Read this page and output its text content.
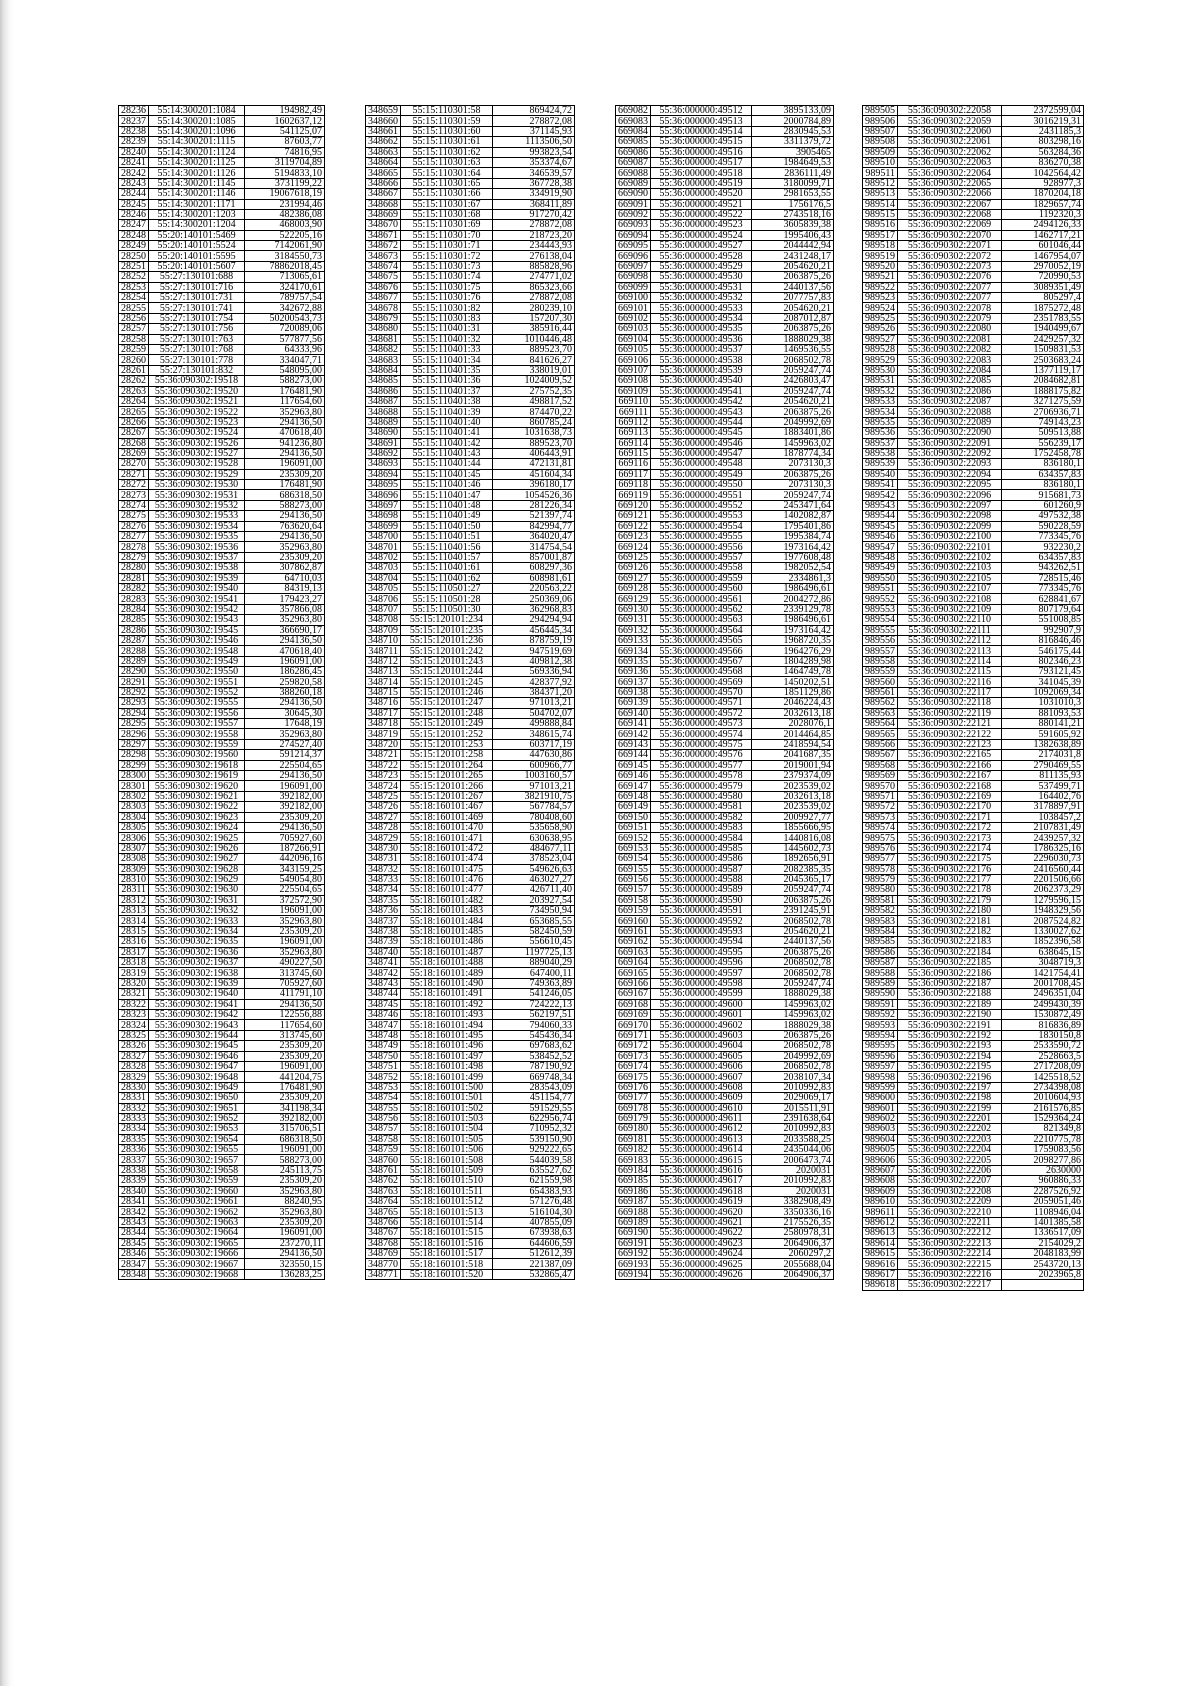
28236	55:14:300201:1084	194982,49
28237	55:14:300201:1085	1602637,12
28238	55:14:300201:1096	541125,07
28239	55:14:300201:1115	87603,77
28240	55:14:300201:1124	74816,95
28241	55:14:300201:1125	3119704,89
28242	55:14:300201:1126	5194833,10
28243	55:14:300201:1145	3731199,22
28244	55:14:300201:1146	19067618,19
28245	55:14:300201:1171	231994,46
28246	55:14:300201:1203	482386,08
28247	55:14:300201:1204	468003,90
28248	55:20:140101:5469	522205,16
28249	55:20:140101:5524	7142061,90
28250	55:20:140101:5595	3184550,73
28251	55:20:140101:5607	78862018,45
28252	55:27:130101:688	713065,61
28253	55:27:130101:716	324170,61
28254	55:27:130101:731	789757,54
28255	55:27:130101:741	342672,88
28256	55:27:130101:754	50200543,73
28257	55:27:130101:756	720089,06
28258	55:27:130101:763	577877,56
28259	55:27:130101:768	64333,96
28260	55:27:130101:778	334047,71
28261	55:27:130101:832	548095,00
28262	55:36:090302:19518	588273,00
28263	55:36:090302:19520	176481,90
28264	55:36:090302:19521	117654,60
28265	55:36:090302:19522	352963,80
28266	55:36:090302:19523	294136,50
28267	55:36:090302:19524	470618,40
28268	55:36:090302:19526	941236,80
28269	55:36:090302:19527	294136,50
28270	55:36:090302:19528	196091,00
28271	55:36:090302:19529	235309,20
28272	55:36:090302:19530	176481,90
28273	55:36:090302:19531	686318,50
28274	55:36:090302:19532	588273,00
28275	55:36:090302:19533	294136,50
28276	55:36:090302:19534	763620,64
28277	55:36:090302:19535	294136,50
28278	55:36:090302:19536	352963,80
28279	55:36:090302:19537	235309,20
28280	55:36:090302:19538	307862,87
28281	55:36:090302:19539	64710,03
28282	55:36:090302:19540	84319,13
28283	55:36:090302:19541	179423,27
28284	55:36:090302:19542	357866,08
28285	55:36:090302:19543	352963,80
28286	55:36:090302:19545	366690,17
28287	55:36:090302:19546	294136,50
28288	55:36:090302:19548	470618,40
28289	55:36:090302:19549	196091,00
28290	55:36:090302:19550	186286,45
28291	55:36:090302:19551	259820,58
28292	55:36:090302:19552	388260,18
28293	55:36:090302:19555	294136,50
28294	55:36:090302:19556	30645,30
28295	55:36:090302:19557	17648,19
28296	55:36:090302:19558	352963,80
28297	55:36:090302:19559	274527,40
28298	55:36:090302:19560	591214,37
28299	55:36:090302:19618	225504,65
28300	55:36:090302:19619	294136,50
28301	55:36:090302:19620	196091,00
28302	55:36:090302:19621	392182,00
28303	55:36:090302:19622	392182,00
28304	55:36:090302:19623	235309,20
28305	55:36:090302:19624	294136,50
28306	55:36:090302:19625	705927,60
28307	55:36:090302:19626	187266,91
28308	55:36:090302:19627	442096,16
28309	55:36:090302:19628	343159,25
28310	55:36:090302:19629	549054,80
28311	55:36:090302:19630	225504,65
28312	55:36:090302:19631	372572,90
28313	55:36:090302:19632	196091,00
28314	55:36:090302:19633	352963,80
28315	55:36:090302:19634	235309,20
28316	55:36:090302:19635	196091,00
28317	55:36:090302:19636	352963,80
28318	55:36:090302:19637	490227,50
28319	55:36:090302:19638	313745,60
28320	55:36:090302:19639	705927,60
28321	55:36:090302:19640	411791,10
28322	55:36:090302:19641	294136,50
28323	55:36:090302:19642	122556,88
28324	55:36:090302:19643	117654,60
28325	55:36:090302:19644	313745,60
28326	55:36:090302:19645	235309,20
28327	55:36:090302:19646	235309,20
28328	55:36:090302:19647	196091,00
28329	55:36:090302:19648	441204,75
28330	55:36:090302:19649	176481,90
28331	55:36:090302:19650	235309,20
28332	55:36:090302:19651	341198,34
28333	55:36:090302:19652	392182,00
28334	55:36:090302:19653	315706,51
28335	55:36:090302:19654	686318,50
28336	55:36:090302:19655	196091,00
28337	55:36:090302:19657	588273,00
28338	55:36:090302:19658	245113,75
28339	55:36:090302:19659	235309,20
28340	55:36:090302:19660	352963,80
28341	55:36:090302:19661	88240,95
28342	55:36:090302:19662	352963,80
28343	55:36:090302:19663	235309,20
28344	55:36:090302:19664	196091,00
28345	55:36:090302:19665	237270,11
28346	55:36:090302:19666	294136,50
28347	55:36:090302:19667	323550,15
28348	55:36:090302:19668	136283,25
348659	55:15:110301:58	869424,72
348660	55:15:110301:59	278872,08
348661	55:15:110301:60	371145,93
348662	55:15:110301:61	1113506,50
348663	55:15:110301:62	993823,54
348664	55:15:110301:63	353374,67
348665	55:15:110301:64	346539,57
348666	55:15:110301:65	367728,38
348667	55:15:110301:66	334919,90
348668	55:15:110301:67	368411,89
348669	55:15:110301:68	917270,42
348670	55:15:110301:69	278872,08
348671	55:15:110301:70	218723,20
348672	55:15:110301:71	234443,93
348673	55:15:110301:72	276138,04
348674	55:15:110301:73	885828,96
348675	55:15:110301:74	274771,02
348676	55:15:110301:75	865323,66
348677	55:15:110301:76	278872,08
348678	55:15:110301:82	280239,10
348679	55:15:110301:83	157207,30
348680	55:15:110401:31	385916,44
348681	55:15:110401:32	1010446,48
348682	55:15:110401:33	889523,70
348683	55:15:110401:34	841626,27
348684	55:15:110401:35	338019,01
348685	55:15:110401:36	1024009,52
348686	55:15:110401:37	275752,35
348687	55:15:110401:38	498817,52
348688	55:15:110401:39	874470,22
348689	55:15:110401:40	860785,24
348690	55:15:110401:41	1031638,73
348691	55:15:110401:42	889523,70
348692	55:15:110401:43	406443,91
348693	55:15:110401:44	472131,81
348694	55:15:110401:45	451604,34
348695	55:15:110401:46	396180,17
348696	55:15:110401:47	1054526,36
348697	55:15:110401:48	281226,34
348698	55:15:110401:49	521397,74
348699	55:15:110401:50	842994,77
348700	55:15:110401:51	364020,47
348701	55:15:110401:56	314754,54
348702	55:15:110401:57	857001,87
348703	55:15:110401:61	608297,36
348704	55:15:110401:62	608981,61
348705	55:15:110501:27	220563,22
348706	55:15:110501:28	250369,06
348707	55:15:110501:30	362968,83
348708	55:15:120101:234	294294,94
348709	55:15:120101:235	456445,34
348710	55:15:120101:236	878759,19
348711	55:15:120101:242	947519,69
348712	55:15:120101:243	409812,38
348713	55:15:120101:244	569336,94
348714	55:15:120101:245	428377,92
348715	55:15:120101:246	384371,20
348716	55:15:120101:247	971013,21
348717	55:15:120101:248	504702,07
348718	55:15:120101:249	499888,84
348719	55:15:120101:252	348615,74
348720	55:15:120101:253	603717,19
348721	55:15:120101:258	447630,86
348722	55:15:120101:264	600966,77
348723	55:15:120101:265	1003160,57
348724	55:15:120101:266	971013,21
348725	55:15:120101:267	3821910,75
348726	55:18:160101:467	567784,57
348727	55:18:160101:469	780408,60
348728	55:18:160101:470	535658,90
348729	55:18:160101:471	630638,95
348730	55:18:160101:472	484677,11
348731	55:18:160101:474	378523,04
348732	55:18:160101:475	549626,63
348733	55:18:160101:476	463027,27
348734	55:18:160101:477	426711,40
348735	55:18:160101:482	203927,54
348736	55:18:160101:483	734950,94
348737	55:18:160101:484	653685,55
348738	55:18:160101:485	582450,59
348739	55:18:160101:486	556610,45
348740	55:18:160101:487	1197725,13
348741	55:18:160101:488	889040,29
348742	55:18:160101:489	647400,11
348743	55:18:160101:490	749363,89
348744	55:18:160101:491	541246,05
348745	55:18:160101:492	724222,13
348746	55:18:160101:493	562197,51
348747	55:18:160101:494	794060,33
348748	55:18:160101:495	545436,34
348749	55:18:160101:496	697683,62
348750	55:18:160101:497	538452,52
348751	55:18:160101:498	787190,92
348752	55:18:160101:499	669748,34
348753	55:18:160101:500	283543,09
348754	55:18:160101:501	451154,77
348755	55:18:160101:502	591529,55
348756	55:18:160101:503	622956,74
348757	55:18:160101:504	710952,32
348758	55:18:160101:505	539150,90
348759	55:18:160101:506	929222,65
348760	55:18:160101:508	544039,58
348761	55:18:160101:509	635527,62
348762	55:18:160101:510	621559,98
348763	55:18:160101:511	654383,93
348764	55:18:160101:512	571276,48
348765	55:18:160101:513	516104,30
348766	55:18:160101:514	407855,09
348767	55:18:160101:515	673938,63
348768	55:18:160101:516	644606,59
348769	55:18:160101:517	512612,39
348770	55:18:160101:518	221387,09
348771	55:18:160101:520	532865,47
669082	55:36:000000:49512	3895133,09
669083	55:36:000000:49513	2000784,89
669084	55:36:000000:49514	2830945,53
669085	55:36:000000:49515	3311379,72
669086	55:36:000000:49516	3905465
669087	55:36:000000:49517	1984649,53
669088	55:36:000000:49518	2836111,49
669089	55:36:000000:49519	3180099,71
669090	55:36:000000:49520	2981653,55
669091	55:36:000000:49521	1756176,5
669092	55:36:000000:49522	2743518,16
669093	55:36:000000:49523	3605839,38
669094	55:36:000000:49524	1995406,43
669095	55:36:000000:49527	2044442,94
669096	55:36:000000:49528	2431248,17
669097	55:36:000000:49529	2054620,21
669098	55:36:000000:49530	2063875,26
669099	55:36:000000:49531	2440137,56
669100	55:36:000000:49532	2077757,83
669101	55:36:000000:49533	2054620,21
669102	55:36:000000:49534	2087012,87
669103	55:36:000000:49535	2063875,26
669104	55:36:000000:49536	1888029,38
669105	55:36:000000:49537	1469536,55
669106	55:36:000000:49538	2068502,78
669107	55:36:000000:49539	2059247,74
669108	55:36:000000:49540	2426803,47
669109	55:36:000000:49541	2059247,74
669110	55:36:000000:49542	2054620,21
669111	55:36:000000:49543	2063875,26
669112	55:36:000000:49544	2049992,69
669113	55:36:000000:49545	1883401,86
669114	55:36:000000:49546	1459963,02
669115	55:36:000000:49547	1878774,34
669116	55:36:000000:49548	2073130,3
669117	55:36:000000:49549	2063875,26
669118	55:36:000000:49550	2073130,3
669119	55:36:000000:49551	2059247,74
669120	55:36:000000:49552	2453471,64
669121	55:36:000000:49553	1402082,87
669122	55:36:000000:49554	1795401,86
669123	55:36:000000:49555	1995384,74
669124	55:36:000000:49556	1973164,42
669125	55:36:000000:49557	1977608,48
669126	55:36:000000:49558	1982052,54
669127	55:36:000000:49559	2334861,3
669128	55:36:000000:49560	1986496,61
669129	55:36:000000:49561	2004272,86
669130	55:36:000000:49562	2339129,78
669131	55:36:000000:49563	1986496,61
669132	55:36:000000:49564	1973164,42
669133	55:36:000000:49565	1968720,35
669134	55:36:000000:49566	1964276,29
669135	55:36:000000:49567	1804289,98
669136	55:36:000000:49568	1464749,78
669137	55:36:000000:49569	1450202,51
669138	55:36:000000:49570	1851129,86
669139	55:36:000000:49571	2046224,43
669140	55:36:000000:49572	2032613,18
669141	55:36:000000:49573	2028076,1
669142	55:36:000000:49574	2014464,85
669143	55:36:000000:49575	2418594,54
669144	55:36:000000:49576	2041687,35
669145	55:36:000000:49577	2019001,94
669146	55:36:000000:49578	2379374,09
669147	55:36:000000:49579	2023539,02
669148	55:36:000000:49580	2032613,18
669149	55:36:000000:49581	2023539,02
669150	55:36:000000:49582	2009927,77
669151	55:36:000000:49583	1855666,95
669152	55:36:000000:49584	1440816,08
669153	55:36:000000:49585	1445602,73
669154	55:36:000000:49586	1892656,91
669155	55:36:000000:49587	2082385,35
669156	55:36:000000:49588	2045365,17
669157	55:36:000000:49589	2059247,74
669158	55:36:000000:49590	2063875,26
669159	55:36:000000:49591	2391245,91
669160	55:36:000000:49592	2068502,78
669161	55:36:000000:49593	2054620,21
669162	55:36:000000:49594	2440137,56
669163	55:36:000000:49595	2063875,26
669164	55:36:000000:49596	2068502,78
669165	55:36:000000:49597	2068502,78
669166	55:36:000000:49598	2059247,74
669167	55:36:000000:49599	1888029,38
669168	55:36:000000:49600	1459963,02
669169	55:36:000000:49601	1459963,02
669170	55:36:000000:49602	1888029,38
669171	55:36:000000:49603	2063875,26
669172	55:36:000000:49604	2068502,78
669173	55:36:000000:49605	2049992,69
669174	55:36:000000:49606	2068502,78
669175	55:36:000000:49607	2038107,34
669176	55:36:000000:49608	2010992,83
669177	55:36:000000:49609	2029069,17
669178	55:36:000000:49610	2015511,91
669179	55:36:000000:49611	2391638,64
669180	55:36:000000:49612	2010992,83
669181	55:36:000000:49613	2033588,25
669182	55:36:000000:49614	2435044,06
669183	55:36:000000:49615	2006473,74
669184	55:36:000000:49616	2020031
669185	55:36:000000:49617	2010992,83
669186	55:36:000000:49618	2020031
669187	55:36:000000:49619	3382908,49
669188	55:36:000000:49620	3350336,16
669189	55:36:000000:49621	2175526,35
669190	55:36:000000:49622	2580978,31
669191	55:36:000000:49623	2064906,37
669192	55:36:000000:49624	2060297,2
669193	55:36:000000:49625	2055688,04
669194	55:36:000000:49626	2064906,37
989505	55:36:090302:22058	2372599,04
989506	55:36:090302:22059	3016219,31
989507	55:36:090302:22060	2431185,3
989508	55:36:090302:22061	803298,16
989509	55:36:090302:22062	563284,36
989510	55:36:090302:22063	836270,38
989511	55:36:090302:22064	1042564,42
989512	55:36:090302:22065	928977,3
989513	55:36:090302:22066	1870204,18
989514	55:36:090302:22067	1829657,74
989515	55:36:090302:22068	1192320,3
989516	55:36:090302:22069	2494126,33
989517	55:36:090302:22070	1462717,21
989518	55:36:090302:22071	601046,44
989519	55:36:090302:22072	1467954,07
989520	55:36:090302:22073	2970052,19
989521	55:36:090302:22076	720990,53
989522	55:36:090302:22077	3089351,49
989523	55:36:090302:22077	805297,4
989524	55:36:090302:22078	1875272,48
989525	55:36:090302:22079	2351783,55
989526	55:36:090302:22080	1940499,67
989527	55:36:090302:22081	2429257,32
989528	55:36:090302:22082	1509831,53
989529	55:36:090302:22083	2503683,24
989530	55:36:090302:22084	1377119,17
989531	55:36:090302:22085	2084682,81
989532	55:36:090302:22086	1888175,82
989533	55:36:090302:22087	3271275,59
989534	55:36:090302:22088	2706936,71
989535	55:36:090302:22089	749143,23
989536	55:36:090302:22090	509513,88
989537	55:36:090302:22091	556239,17
989538	55:36:090302:22092	1752458,78
989539	55:36:090302:22093	836180,1
989540	55:36:090302:22094	634357,83
989541	55:36:090302:22095	836180,1
989542	55:36:090302:22096	915681,73
989543	55:36:090302:22097	601260,9
989544	55:36:090302:22098	497532,38
989545	55:36:090302:22099	590228,59
989546	55:36:090302:22100	773345,76
989547	55:36:090302:22101	932230,2
989548	55:36:090302:22102	634357,83
989549	55:36:090302:22103	943262,51
989550	55:36:090302:22105	728515,46
989551	55:36:090302:22107	773345,76
989552	55:36:090302:22108	628841,67
989553	55:36:090302:22109	807179,64
989554	55:36:090302:22110	551008,85
989555	55:36:090302:22111	992907,9
989556	55:36:090302:22112	816846,46
989557	55:36:090302:22113	546175,44
989558	55:36:090302:22114	802346,23
989559	55:36:090302:22115	793121,45
989560	55:36:090302:22116	341045,39
989561	55:36:090302:22117	1092069,34
989562	55:36:090302:22118	1031010,3
989563	55:36:090302:22119	881093,53
989564	55:36:090302:22121	880141,21
989565	55:36:090302:22122	591605,92
989566	55:36:090302:22123	1382638,89
989567	55:36:090302:22165	2174031,8
989568	55:36:090302:22166	2790469,55
989569	55:36:090302:22167	811135,93
989570	55:36:090302:22168	537499,71
989571	55:36:090302:22169	164402,76
989572	55:36:090302:22170	3178897,91
989573	55:36:090302:22171	1038457,2
989574	55:36:090302:22172	2107831,49
989575	55:36:090302:22173	2439257,32
989576	55:36:090302:22174	1786325,16
989577	55:36:090302:22175	2296030,73
989578	55:36:090302:22176	2416560,44
989579	55:36:090302:22177	2201506,66
989580	55:36:090302:22178	2062373,29
989581	55:36:090302:22179	1279596,15
989582	55:36:090302:22180	1948329,56
989583	55:36:090302:22181	2087524,82
989584	55:36:090302:22182	1330027,62
989585	55:36:090302:22183	1852396,58
989586	55:36:090302:22184	638645,15
989587	55:36:090302:22185	3048719,3
989588	55:36:090302:22186	1421754,41
989589	55:36:090302:22187	2001708,45
989590	55:36:090302:22188	2496351,04
989591	55:36:090302:22189	2499430,39
989592	55:36:090302:22190	1530872,49
989593	55:36:090302:22191	816836,89
989594	55:36:090302:22192	1830150,8
989595	55:36:090302:22193	2533590,72
989596	55:36:090302:22194	2528663,5
989597	55:36:090302:22195	2717208,09
989598	55:36:090302:22196	1425518,52
989599	55:36:090302:22197	2734398,08
989600	55:36:090302:22198	2010604,93
989601	55:36:090302:22199	2161576,85
989602	55:36:090302:22201	1529364,24
989603	55:36:090302:22202	821349,8
989604	55:36:090302:22203	2210775,78
989605	55:36:090302:22204	1759083,56
989606	55:36:090302:22205	2098277,86
989607	55:36:090302:22206	2630000
989608	55:36:090302:22207	960886,33
989609	55:36:090302:22208	2287526,92
989610	55:36:090302:22209	2059051,46
989611	55:36:090302:22210	1108946,04
989612	55:36:090302:22211	1401385,58
989613	55:36:090302:22212	1336517,09
989614	55:36:090302:22213	2154029,2
989615	55:36:090302:22214	2048183,99
989616	55:36:090302:22215	2543720,13
989617	55:36:090302:22216	2023965,8
989618	55:36:090302:22217	
